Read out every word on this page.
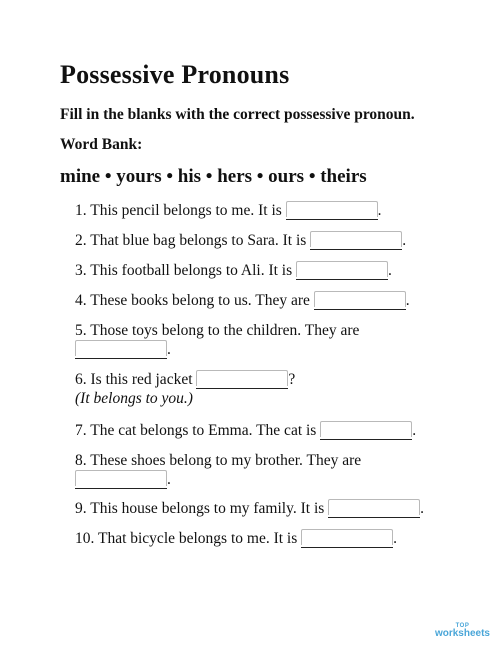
Possessive Pronouns
Fill in the blanks with the correct possessive pronoun.
Word Bank:
mine • yours • his • hers • ours • theirs
1. This pencil belongs to me. It is	.
2. That blue bag belongs to Sara. It is	.
3. This football belongs to Ali. It is	.
4. These books belong to us. They are	.
5. Those toys belong to the children. They are
.
6. Is this red jacket	?
(It belongs to you.)
7. The cat belongs to Emma. The cat is	.
8. These shoes belong to my brother. They are
.
9. This house belongs to my family. It is	.
10. That bicycle belongs to me. It is	.
TOP
worksheets
